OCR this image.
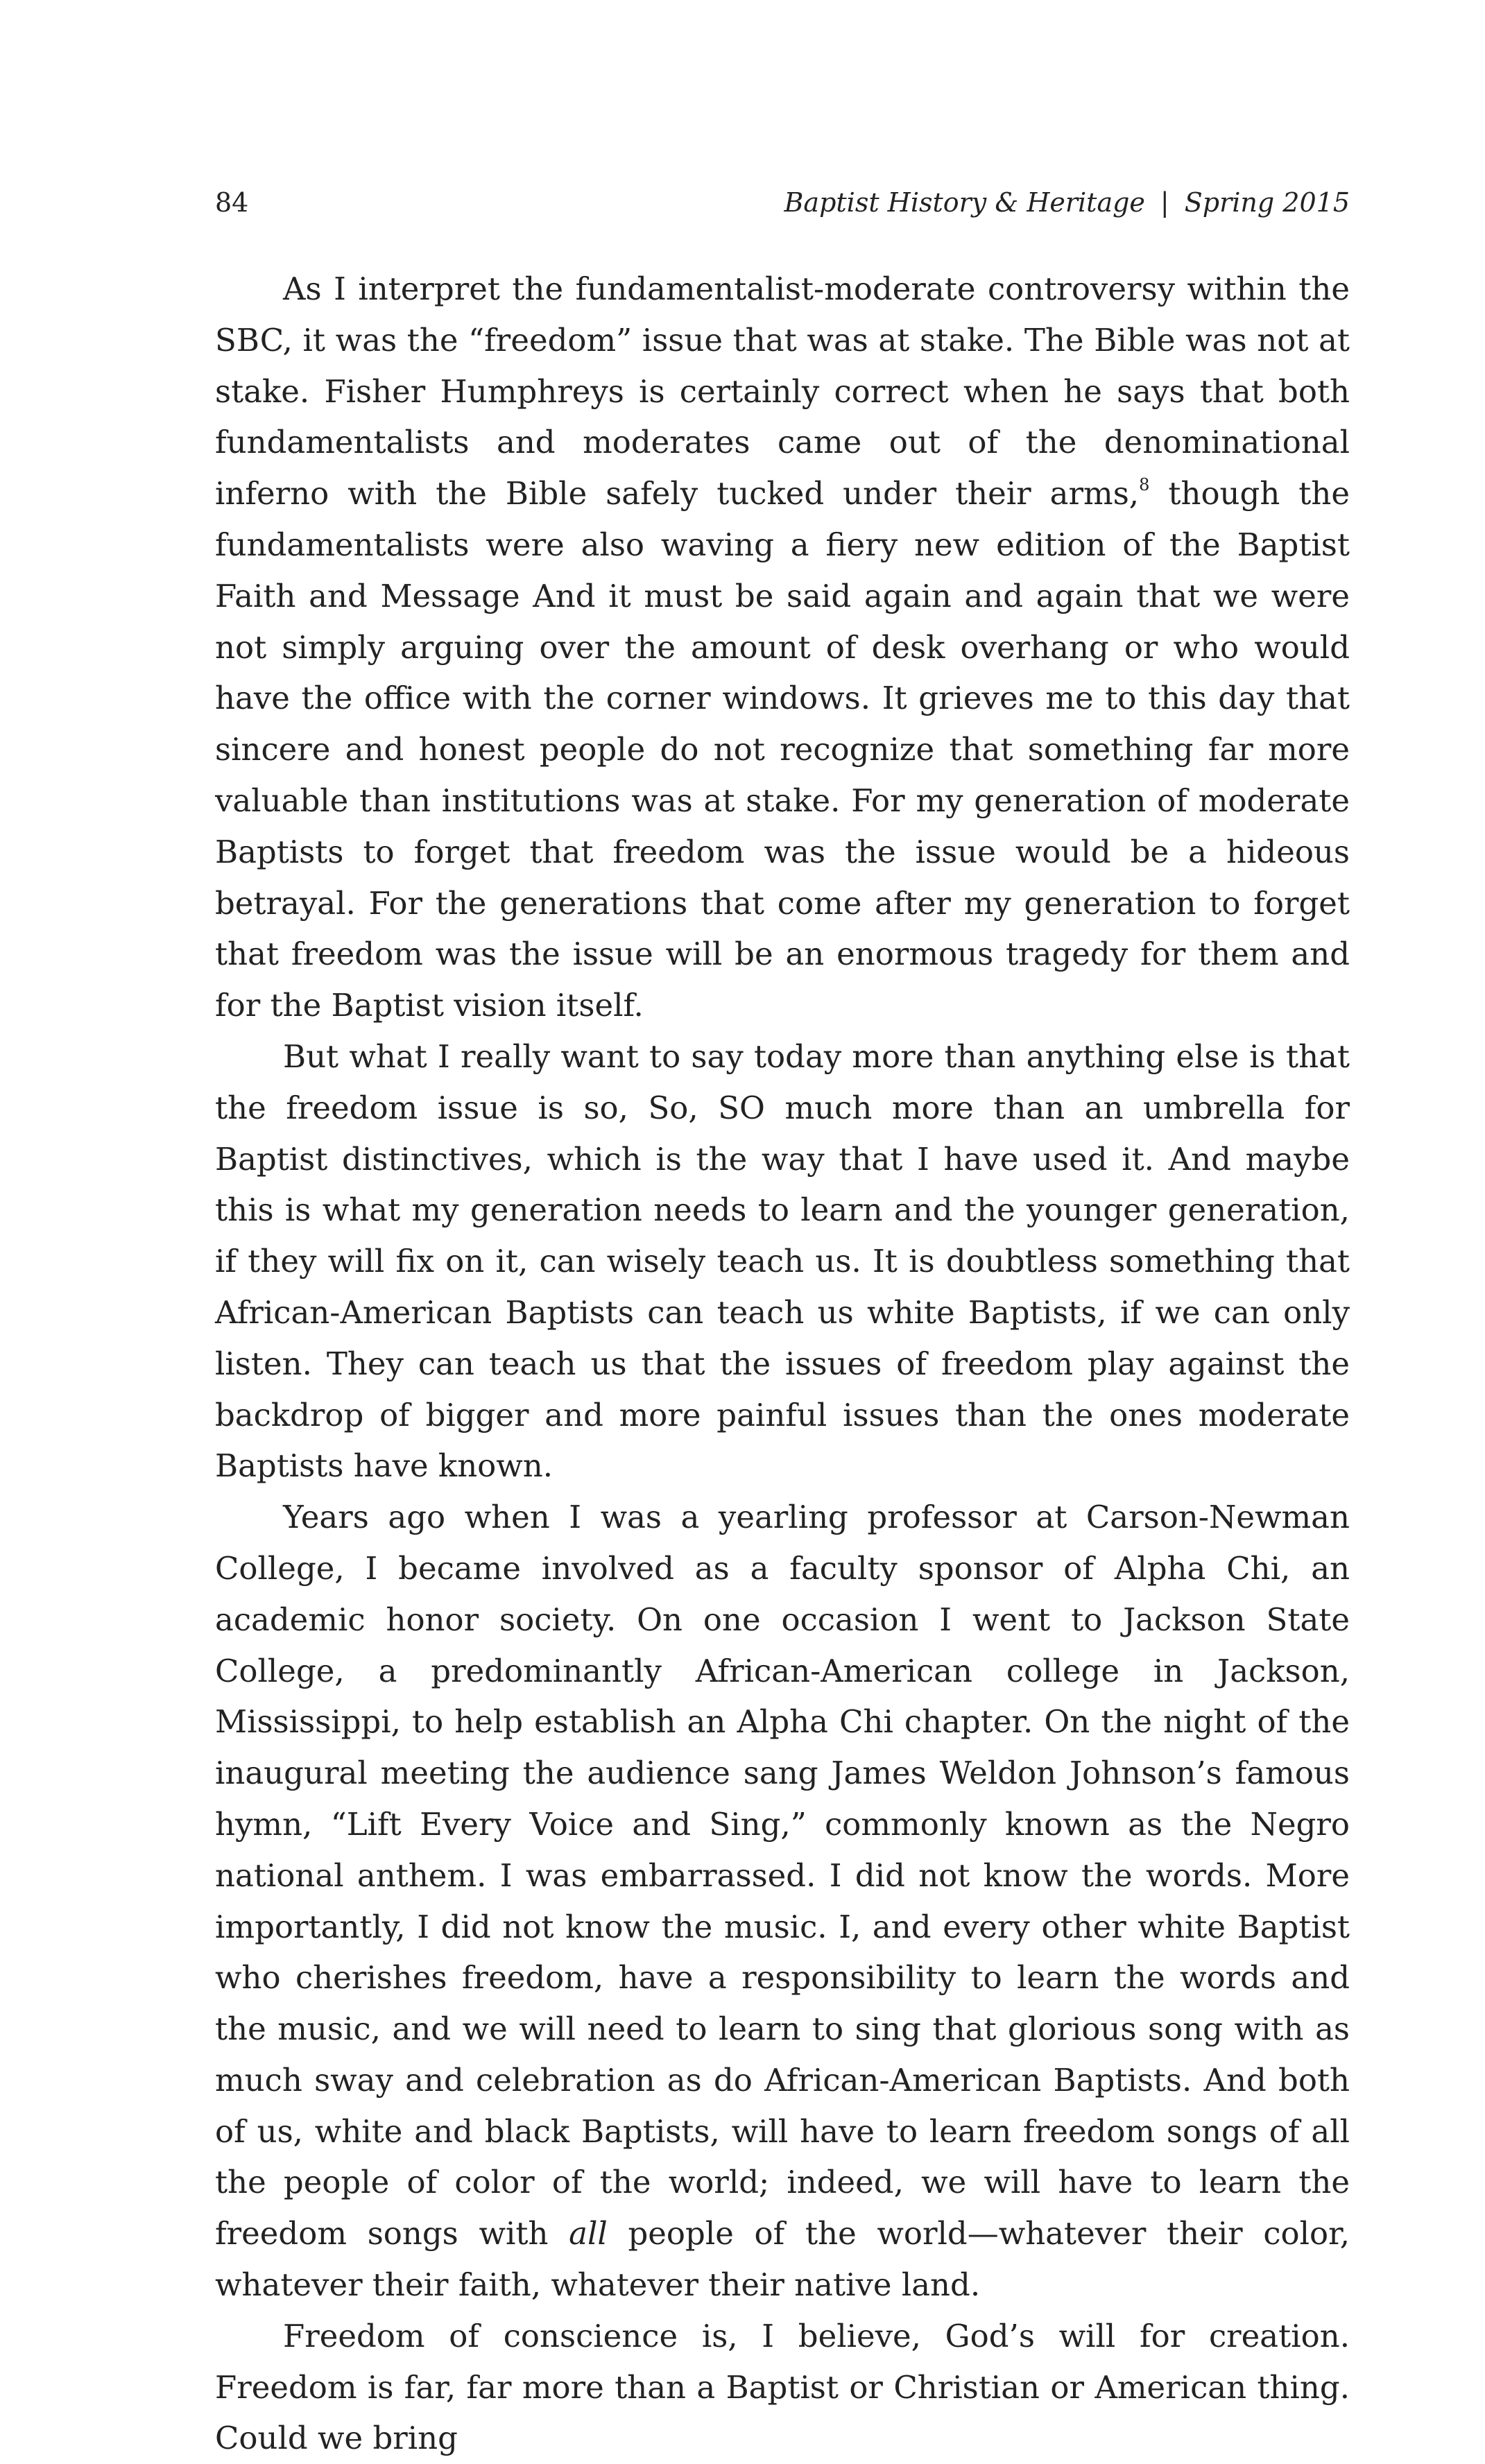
84	Baptist History & Heritage | Spring 2015

As I interpret the fundamentalist-moderate controversy within the SBC, it was the “freedom” issue that was at stake. The Bible was not at stake. Fisher Humphreys is certainly correct when he says that both fundamentalists and moderates came out of the denominational inferno with the Bible safely tucked under their arms,$^8$ though the fundamentalists were also waving a fiery new edition of the Baptist Faith and Message And it must be said again and again that we were not simply arguing over the amount of desk overhang or who would have the office with the corner windows. It grieves me to this day that sincere and honest people do not recognize that something far more valuable than institutions was at stake. For my generation of moderate Baptists to forget that freedom was the issue would be a hideous betrayal. For the generations that come after my generation to forget that freedom was the issue will be an enormous tragedy for them and for the Baptist vision itself.

But what I really want to say today more than anything else is that the freedom issue is so, So, SO much more than an umbrella for Baptist distinctives, which is the way that I have used it. And maybe this is what my generation needs to learn and the younger generation, if they will fix on it, can wisely teach us. It is doubtless something that African-American Baptists can teach us white Baptists, if we can only listen. They can teach us that the issues of freedom play against the backdrop of bigger and more painful issues than the ones moderate Baptists have known.

Years ago when I was a yearling professor at Carson-Newman College, I became involved as a faculty sponsor of Alpha Chi, an academic honor society. On one occasion I went to Jackson State College, a predominantly African-American college in Jackson, Mississippi, to help establish an Alpha Chi chapter. On the night of the inaugural meeting the audience sang James Weldon Johnson’s famous hymn, “Lift Every Voice and Sing,” commonly known as the Negro national anthem. I was embarrassed. I did not know the words. More importantly, I did not know the music. I, and every other white Baptist who cherishes freedom, have a responsibility to learn the words and the music, and we will need to learn to sing that glorious song with as much sway and celebration as do African-American Baptists. And both of us, white and black Baptists, will have to learn freedom songs of all the people of color of the world; indeed, we will have to learn the freedom songs with all people of the world—whatever their color, whatever their faith, whatever their native land.

Freedom of conscience is, I believe, God’s will for creation. Freedom is far, far more than a Baptist or Christian or American thing. Could we bring
